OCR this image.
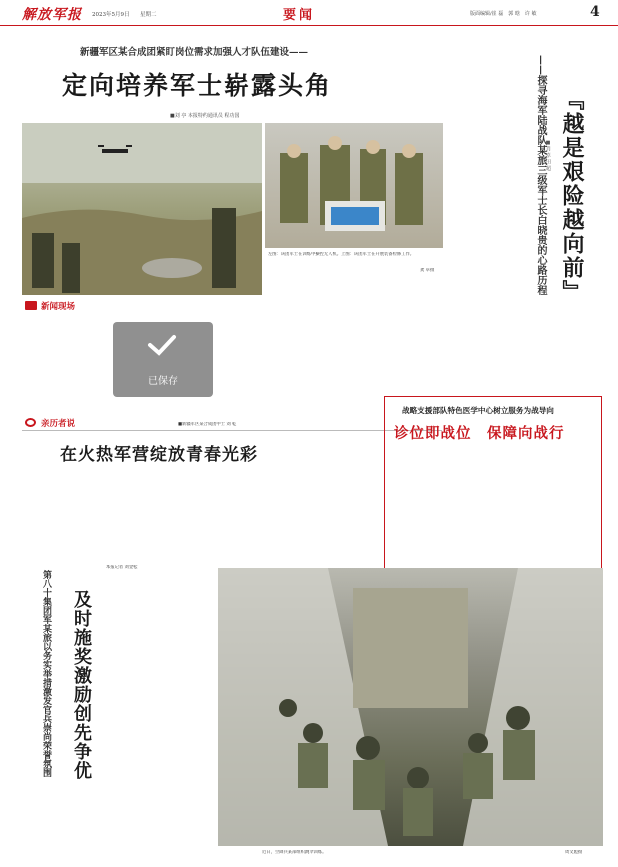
解放军报 2023年5月9日 星期二	要闻	版面编辑/崔 磊　郭 晗　许 敏	4
新疆军区某合成团紧盯岗位需求加强人才队伍建设——
定向培养军士崭露头角
■刘 亭 本报特约通讯员 程功国
左图：该团军士在训练中操控无人机。上图：该团军士在开展装备检修工作。
龚 卓摄
已保存
新闻现场
亲历者说	■新疆军区某合成团中士 刘 乾
在火热军营绽放青春光彩
『越是艰险越向前』
——探寻海军陆战队某旅三级军士长白晓贵的心路历程 ■肖 卓 田 超
战略支援部队特色医学中心树立服务为战导向
诊位即战位　保障向战行
及时施奖激励创先争优
第八十集团军某旅以务实举措激发官兵崇尚荣誉氛围
本报记者 刘金松
近日，空降兵某部组织跳伞训练。	周文彪摄
